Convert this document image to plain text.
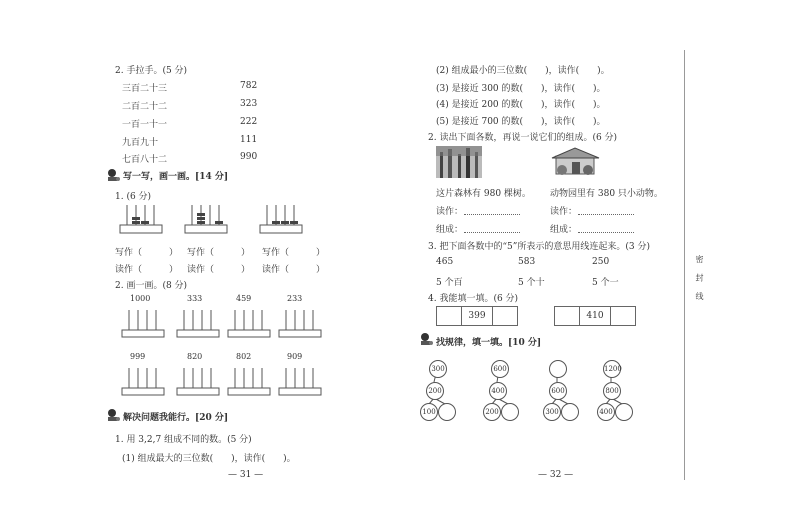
2. 手拉手。(5 分)
三百二十三	782
二百二十二	323
一百一十一	222
九百九十	111
七百八十二	990
写一写，画一画。[14 分]
1. (6 分)
写作（　　　） 写作（　　　） 写作（　　　）
读作（　　　） 读作（　　　） 读作（　　　）
2. 画一画。(8 分)
1000	333	459	233
999	820	802	909
解决问题我能行。[20 分]
1. 用 3,2,7 组成不同的数。(5 分)
(1) 组成最大的三位数(　　)，读作(　　)。
— 31 —
(2) 组成最小的三位数(　　)，读作(　　)。
(3) 是接近 300 的数(　　)，读作(　　)。
(4) 是接近 200 的数(　　)，读作(　　)。
(5) 是接近 700 的数(　　)，读作(　　)。
2. 读出下面各数，再说一说它们的组成。(6 分)
这片森林有 980 棵树。 动物园里有 380 只小动物。
读作：	读作：
组成：	组成：
3. 把下面各数中的“5”所表示的意思用线连起来。(3 分)
465	583	250
5 个百	5 个十	5 个一
4. 我能填一填。(6 分)
399	410
找规律，填一填。[10 分]
300
200
100
600
400
200
600
300
1200
800
400
— 32 —
密 封 线
